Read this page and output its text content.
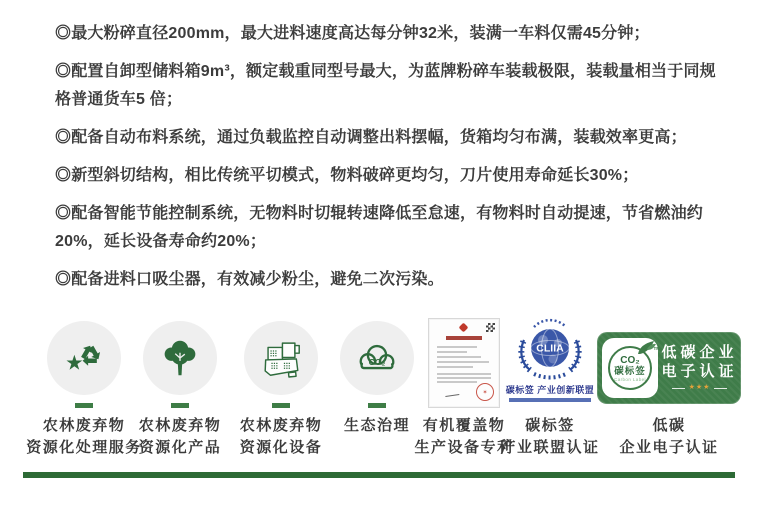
◎最大粉碎直径200mm，最大进料速度高达每分钟32米，装满一车料仅需45分钟；

◎配置自卸型储料箱9m³，额定载重同型号最大，为蓝牌粉碎车装载极限，装载量相当于同规格普通货车5 倍；

◎配备自动布料系统，通过负载监控自动调整出料摆幅，货箱均匀布满，装载效率更高；

◎新型斜切结构，相比传统平切模式，物料破碎更均匀，刀片使用寿命延长30%；

◎配备智能节能控制系统，无物料时切辊转速降低至怠速，有物料时自动提速，节省燃油约20%，延长设备寿命约20%；

◎配备进料口吸尘器，有效减少粉尘，避免二次污染。

农林废弃物
资源化处理服务
农林废弃物
资源化产品
农林废弃物
资源化设备
CO₂
生态治理
✶
有机覆盖物
生产设备专利
CLIIA
碳标签 产业创新联盟
碳标签
产业联盟认证
TM
CO₂
碳标签
Carbon Label
低碳企业
电子认证
★★★
低碳
企业电子认证
